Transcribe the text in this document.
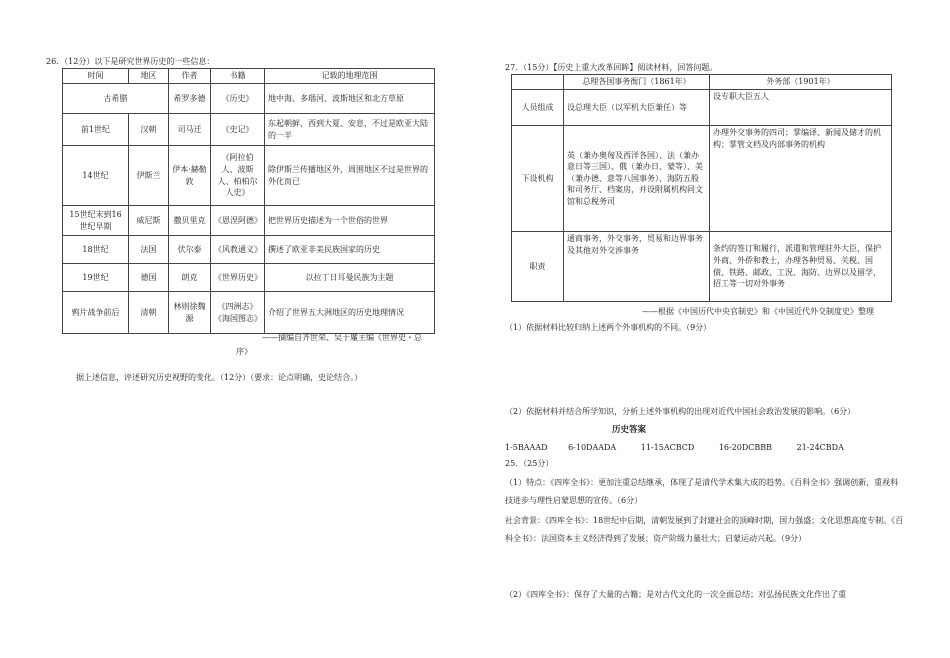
26．（12分）以下是研究世界历史的一些信息：
时间	地区	作者	书籍	记载的地理范围
古希腊		希罗多德	《历史》	地中海、多瑙河、波斯地区和北方草原
前1世纪	汉朝	司马迁	《史记》	东起朝鲜，西到大夏、安息，不过是欧亚大陆的一半
14世纪	伊斯兰	伊本·赫勒敦	《阿拉伯人、波斯人、柏柏尔人史》	除伊斯兰传播地区外，周围地区不过是世界的外化而已
15世纪末到16世纪早期	威尼斯	撒贝里克	《恩涅阿德》	把世界历史描述为一个世俗的世界
18世纪	法国	伏尔泰	《风教通义》	撰述了欧亚非美民族国家的历史
19世纪	德国	朗克	《世界历史》	以拉丁日耳曼民族为主题
鸦片战争前后	清朝	林则徐魏源	《四洲志》《海国图志》	介绍了世界五大洲地区的历史地理情况
——摘编自齐世荣、吴于廑主编《世界史・总
序》
据上述信息，评述研究历史视野的变化。（12分）（要求：论点明确，史论结合。）
27．（15分）【历史上重大改革回眸】阅读材料，回答问题。
	总理各国事务衙门（1861年）	外务部（1901年）
人员组成	设总理大臣（以军机大臣兼任）等	设专职大臣五人
下设机构	英（兼办奥匈及西洋各国）、法（兼办意日等三国）、俄（兼办日、蒙等）、美（兼办德、意等八国事务）、海防五股和司务厅、档案房，并设附属机构同文馆和总税务司	办理外交事务的四司；掌编译、新闻及储才的机构；掌管文档及内部事务的机构
职责	通商事务，外交事务，贸易和边界事务及其他对外交涉事务	条约的签订和履行，派遣和管理驻外大臣，保护外商、外侨和教士，办理各种贸易、关税、国债、铁路、邮政、工況、海防、边界以及留学，招工等一切对外事务
——根据《中国历代中央官制史》和《中国近代外交制度史》整理
（1）依据材料比较归纳上述两个外事机构的不同。（9分）
（2）依据材料并结合所学知识，分析上述外事机构的出现对近代中国社会政治发展的影响。（6分）
历史答案
1-5BAAAD	6-10DAADA	11-15ACBCD	16-20DCBBB	21-24CBDA
25．（25分）
（1）特点：《四库全书》：更加注重总结继承，体现了是清代学术集大成的趋势。《百科全书》强调创新，重视科技进步与理性启蒙思想的宣传。（6分）
社会背景：《四库全书》：18世纪中后期，清朝发展到了封建社会的顶峰时期，国力强盛；文化思想高度专制。《百科全书》：法国资本主义经济得到了发展；资产阶级力量壮大；启蒙运动兴起。（9分）
（2）《四库全书》：保存了大量的古籍；是对古代文化的一次全面总结；对弘扬民族文化作出了重
